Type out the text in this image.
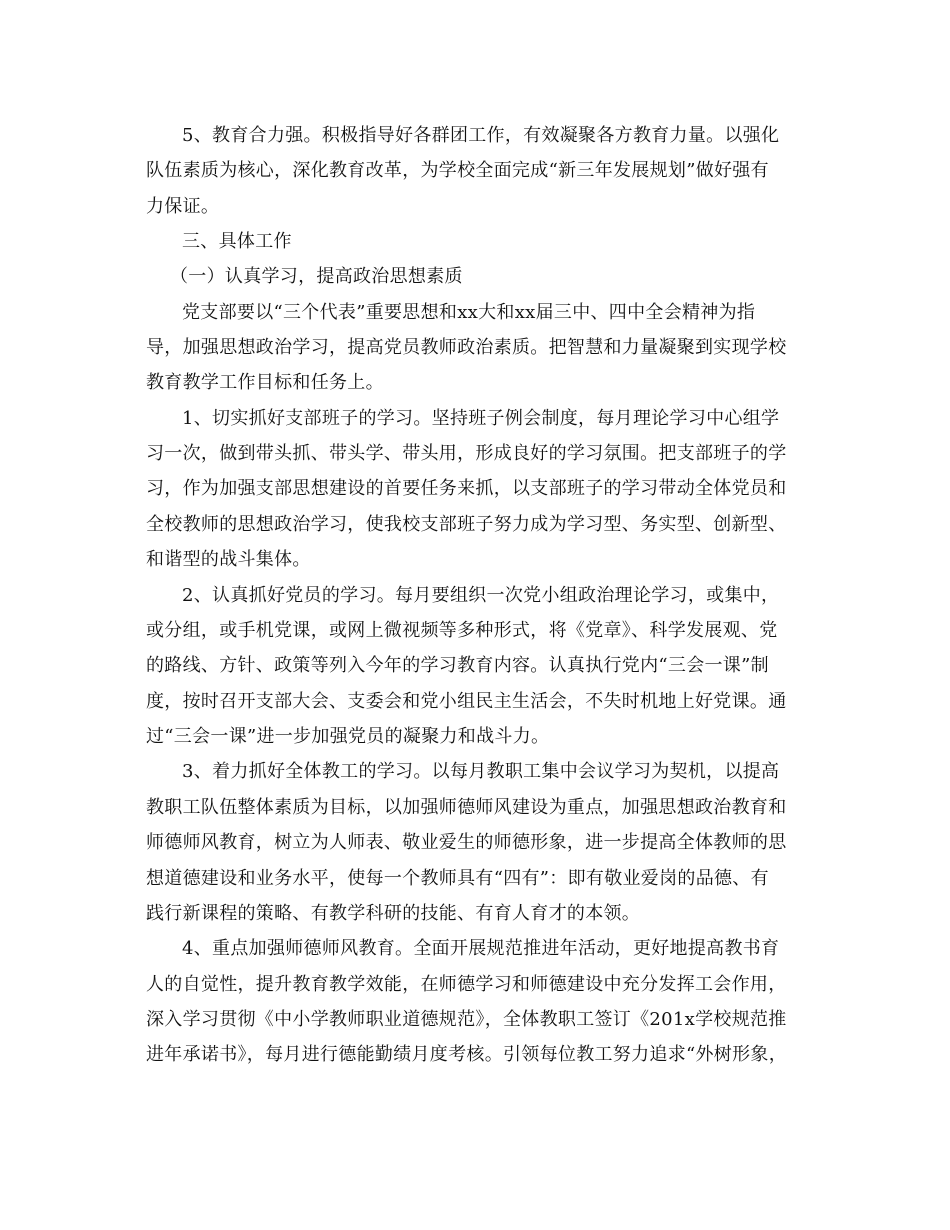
5、教育合力强。积极指导好各群团工作，有效凝聚各方教育力量。以强化
队伍素质为核心，深化教育改革，为学校全面完成“新三年发展规划”做好强有
力保证。
三、具体工作
（一）认真学习，提高政治思想素质
党支部要以“三个代表”重要思想和xx大和xx届三中、四中全会精神为指
导，加强思想政治学习，提高党员教师政治素质。把智慧和力量凝聚到实现学校
教育教学工作目标和任务上。
1、切实抓好支部班子的学习。坚持班子例会制度，每月理论学习中心组学
习一次，做到带头抓、带头学、带头用，形成良好的学习氛围。把支部班子的学
习，作为加强支部思想建设的首要任务来抓，以支部班子的学习带动全体党员和
全校教师的思想政治学习，使我校支部班子努力成为学习型、务实型、创新型、
和谐型的战斗集体。
2、认真抓好党员的学习。每月要组织一次党小组政治理论学习，或集中，
或分组，或手机党课，或网上微视频等多种形式，将《党章》、科学发展观、党
的路线、方针、政策等列入今年的学习教育内容。认真执行党内“三会一课”制
度，按时召开支部大会、支委会和党小组民主生活会，不失时机地上好党课。通
过“三会一课”进一步加强党员的凝聚力和战斗力。
3、着力抓好全体教工的学习。以每月教职工集中会议学习为契机，以提高
教职工队伍整体素质为目标，以加强师德师风建设为重点，加强思想政治教育和
师德师风教育，树立为人师表、敬业爱生的师德形象，进一步提高全体教师的思
想道德建设和业务水平，使每一个教师具有“四有”：即有敬业爱岗的品德、有
践行新课程的策略、有教学科研的技能、有育人育才的本领。
4、重点加强师德师风教育。全面开展规范推进年活动，更好地提高教书育
人的自觉性，提升教育教学效能，在师德学习和师德建设中充分发挥工会作用，
深入学习贯彻《中小学教师职业道德规范》，全体教职工签订《201x学校规范推
进年承诺书》，每月进行德能勤绩月度考核。引领每位教工努力追求“外树形象，
